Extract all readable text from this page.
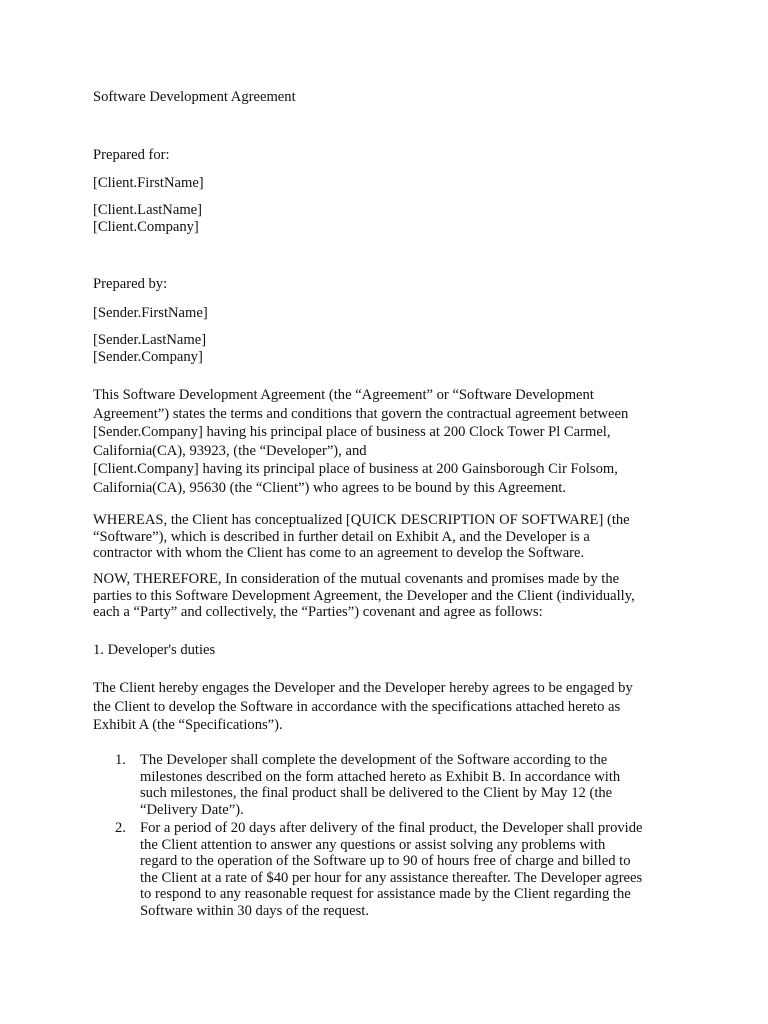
Software Development Agreement
Prepared for:
[Client.FirstName]
[Client.LastName]
[Client.Company]
Prepared by:
[Sender.FirstName]
[Sender.LastName]
[Sender.Company]
This Software Development Agreement (the “Agreement” or “Software Development
Agreement”) states the terms and conditions that govern the contractual agreement between
[Sender.Company] having his principal place of business at 200 Clock Tower Pl Carmel,
California(CA), 93923, (the “Developer”), and
[Client.Company] having its principal place of business at 200 Gainsborough Cir Folsom,
California(CA), 95630 (the “Client”) who agrees to be bound by this Agreement.
WHEREAS, the Client has conceptualized [QUICK DESCRIPTION OF SOFTWARE] (the
“Software”), which is described in further detail on Exhibit A, and the Developer is a
contractor with whom the Client has come to an agreement to develop the Software.
NOW, THEREFORE, In consideration of the mutual covenants and promises made by the
parties to this Software Development Agreement, the Developer and the Client (individually,
each a “Party” and collectively, the “Parties”) covenant and agree as follows:
1. Developer's duties
The Client hereby engages the Developer and the Developer hereby agrees to be engaged by
the Client to develop the Software in accordance with the specifications attached hereto as
Exhibit A (the “Specifications”).
1. The Developer shall complete the development of the Software according to the
milestones described on the form attached hereto as Exhibit B. In accordance with
such milestones, the final product shall be delivered to the Client by May 12 (the
“Delivery Date”).
2. For a period of 20 days after delivery of the final product, the Developer shall provide
the Client attention to answer any questions or assist solving any problems with
regard to the operation of the Software up to 90 of hours free of charge and billed to
the Client at a rate of $40 per hour for any assistance thereafter. The Developer agrees
to respond to any reasonable request for assistance made by the Client regarding the
Software within 30 days of the request.
